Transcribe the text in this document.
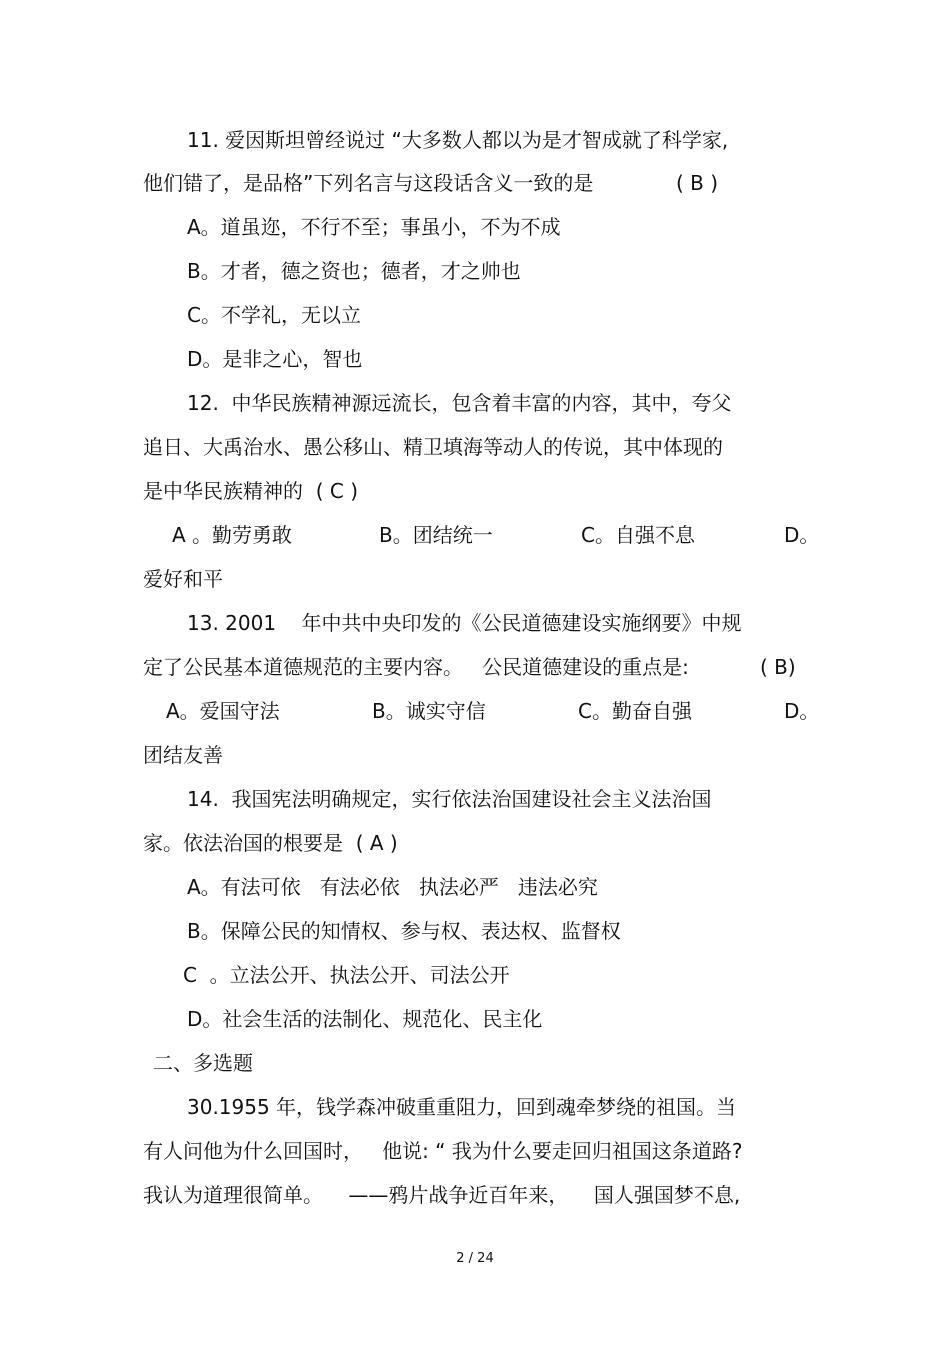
11. 爱因斯坦曾经说过 “大多数人都以为是才智成就了科学家,
他们错了，是品格”下列名言与这段话含义一致的是	( B )
A。道虽迩，不行不至；事虽小，不为不成
B。才者，德之资也；德者，才之帅也
C。不学礼，无以立
D。是非之心，智也
12.  中华民族精神源远流长，包含着丰富的内容，其中，夸父
追日、大禹治水、愚公移山、精卫填海等动人的传说，其中体现的
是中华民族精神的  ( C )
A 。勤劳勇敢	B。团结统一	C。自强不息	D。
爱好和平
13. 2001    年中共中央印发的《公民道德建设实施纲要》中规
定了公民基本道德规范的主要内容。   公民道德建设的重点是:	( B)
A。爱国守法	B。诚实守信	C。勤奋自强	D。
团结友善
14.  我国宪法明确规定，实行依法治国建设社会主义法治国
家。依法治国的根要是  ( A )
A。有法可依   有法必依   执法必严   违法必究
B。保障公民的知情权、参与权、表达权、监督权
C  。立法公开、执法公开、司法公开
D。社会生活的法制化、规范化、民主化
二、多选题
30.1955 年，钱学森冲破重重阻力，回到魂牵梦绕的祖国。当
有人问他为什么回国时，   他说: “ 我为什么要走回归祖国这条道路?
我认为道理很简单。    ——鸦片战争近百年来，    国人强国梦不息,
2 / 24
